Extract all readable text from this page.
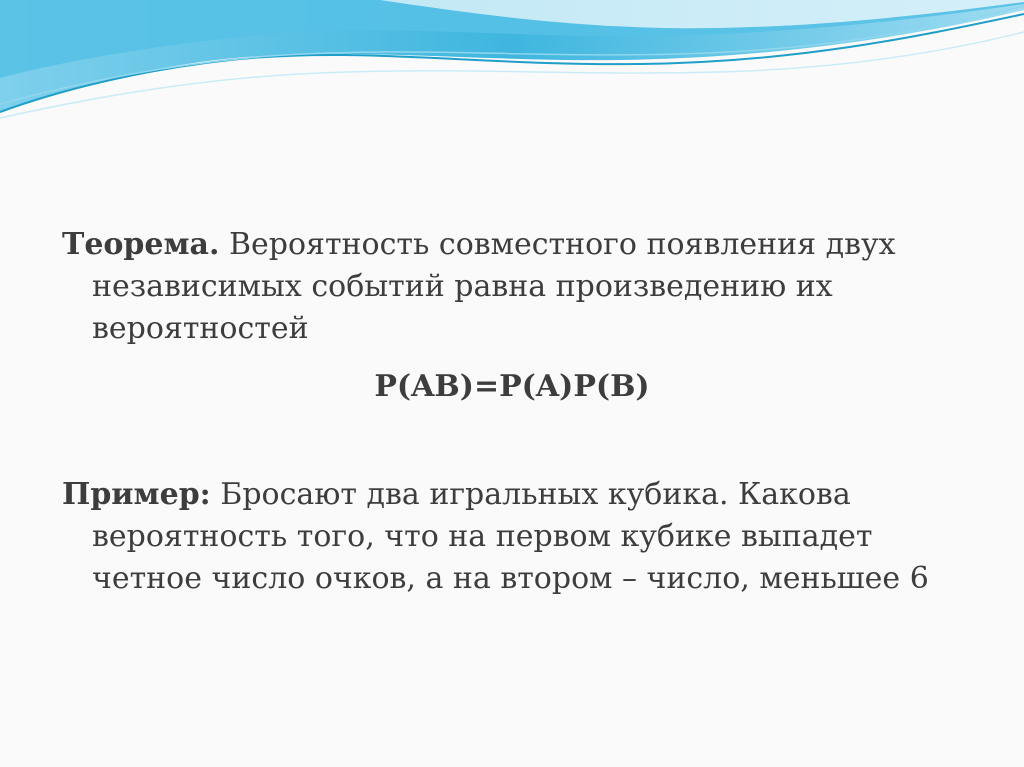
Теорема. Вероятность совместного появления двух
независимых событий равна произведению их
вероятностей

P(AB)=P(A)P(B)

Пример: Бросают два игральных кубика. Какова
вероятность того, что на первом кубике выпадет
четное число очков, а на втором – число, меньшее 6
